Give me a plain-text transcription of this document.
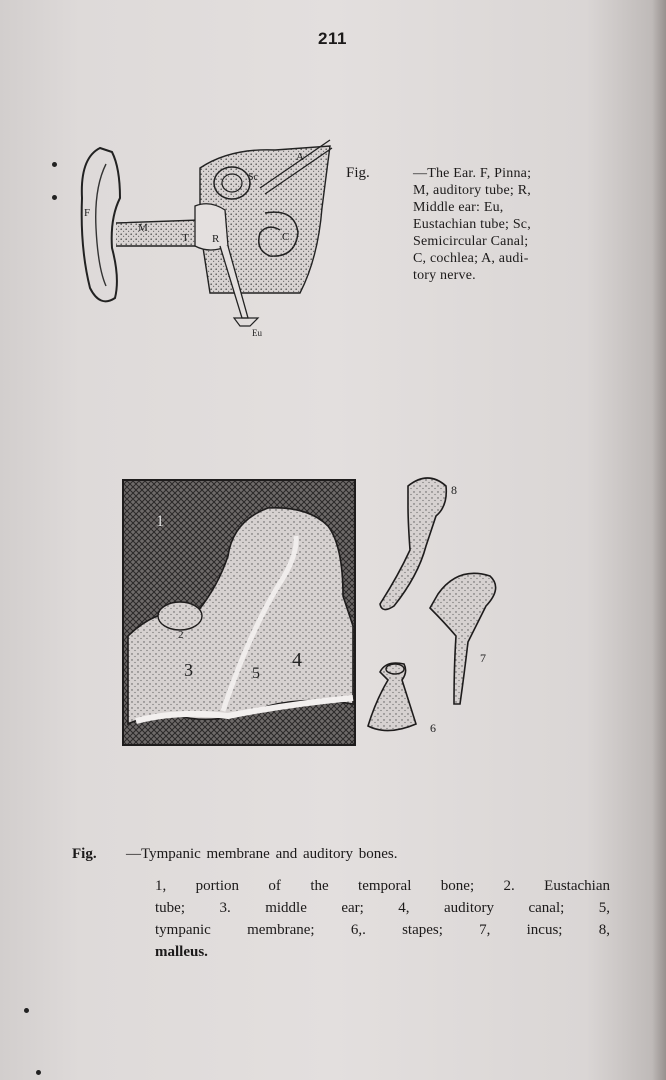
211
F
M
T R
Sc
C
A
Eu
Fig.	—The Ear. F, Pinna;
M, auditory tube; R,
Middle ear: Eu,
Eustachian tube; Sc,
Semicircular Canal;
C, cochlea; A, audi-
tory nerve.
1
2
3	4
5
6
7
8
Fig. —Tympanic membrane and auditory bones.
1, portion of the temporal bone; 2. Eustachian
tube; 3. middle ear; 4, auditory canal; 5,
tympanic membrane; 6,. stapes; 7, incus; 8,
malleus.
